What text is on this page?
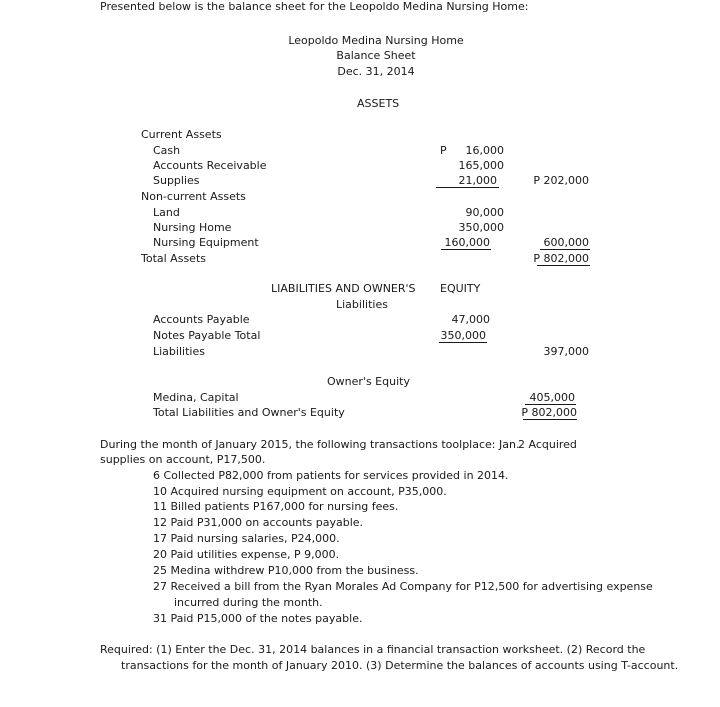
Presented below is the balance sheet for the Leopoldo Medina Nursing Home:
Leopoldo Medina Nursing Home
Balance Sheet
Dec. 31, 2014
ASSETS
Current Assets
Cash	P	16,000
Accounts Receivable	165,000
Supplies	21,000	P 202,000
Non-current Assets
Land	90,000
Nursing Home	350,000
Nursing Equipment	160,000	600,000
Total Assets	P 802,000
LIABILITIES AND OWNER'S EQUITY
Liabilities
Accounts Payable	47,000
Notes Payable Total	350,000
Liabilities	397,000
Owner's Equity
Medina, Capital	405,000
Total Liabilities and Owner's Equity	P 802,000
During the month of January 2015, the following transactions toolplace: Jan.
2 Acquired
supplies on account, P17,500.
6 Collected P82,000 from patients for services provided in 2014.
10 Acquired nursing equipment on account, P35,000.
11 Billed patients P167,000 for nursing fees.
12 Paid P31,000 on accounts payable.
17 Paid nursing salaries, P24,000.
20 Paid utilities expense, P 9,000.
25 Medina withdrew P10,000 from the business.
27 Received a bill from the Ryan Morales Ad Company for P12,500 for advertising expense
incurred during the month.
31 Paid P15,000 of the notes payable.
Required: (1) Enter the Dec. 31, 2014 balances in a financial transaction worksheet. (2) Record the
transactions for the month of January 2010. (3) Determine the balances of accounts using T-account.
